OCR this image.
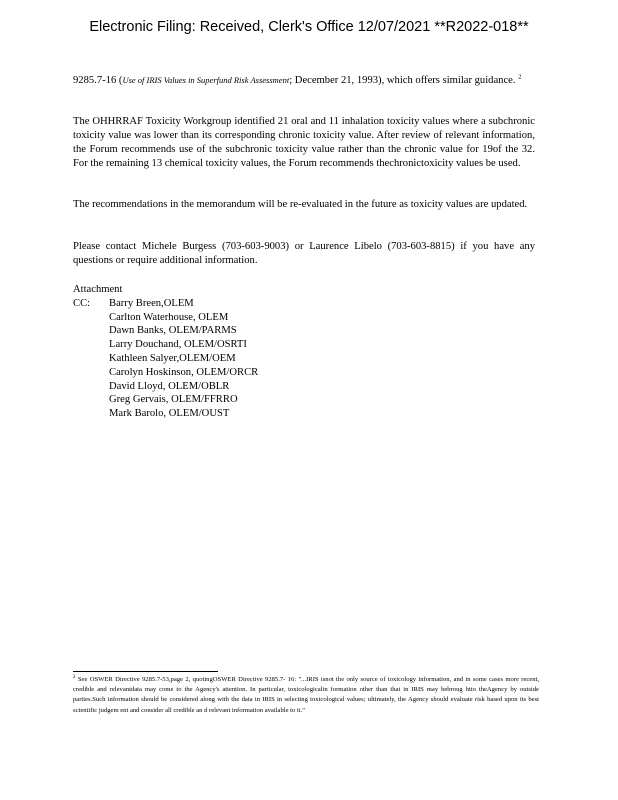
Electronic Filing: Received, Clerk's Office 12/07/2021 **R2022-018**
9285.7-16 (Use of IRIS Values in Superfund Risk Assessment; December 21, 1993), which offers similar guidance. $^2$
The OHHRRAF Toxicity Workgroup identified 21 oral and 11 inhalation toxicity values where a subchronic toxicity value was lower than its corresponding chronic toxicity value. After review of relevant information, the Forum recommends use of the subchronic toxicity value rather than the chronic value for 19of the 32. For the remaining 13 chemical toxicity values, the Forum recommends thechronictoxicity values be used.
The recommendations in the memorandum will be re-evaluated in the future as toxicity values are updated.
Please contact Michele Burgess (703-603-9003) or Laurence Libelo (703-603-8815) if you have any questions or require additional information.
Attachment
CC:	Barry Breen,OLEM
Carlton Waterhouse, OLEM
Dawn Banks, OLEM/PARMS
Larry Douchand, OLEM/OSRTI
Kathleen Salyer,OLEM/OEM
Carolyn Hoskinson, OLEM/ORCR
David Lloyd, OLEM/OBLR
Greg Gervais, OLEM/FFRRO
Mark Barolo, OLEM/OUST
$^2$ See OSWER Directive 9285.7-53,page 2, quotingOSWER Directive 9285.7- 16: "...IRIS isnot the only source of toxicology information, and in some cases more recent, credible and relevantdata may come to the Agency's attention. In particular, toxicologicalin formation other than that in IRIS may bebroug htto theAgency by outside parties.Such information should be considered along with the data in IRIS in selecting toxicological values; ultimately, the Agency should evaluate risk based upon its best scientific judgem ent and consider all credible an d relevant information available to it."
